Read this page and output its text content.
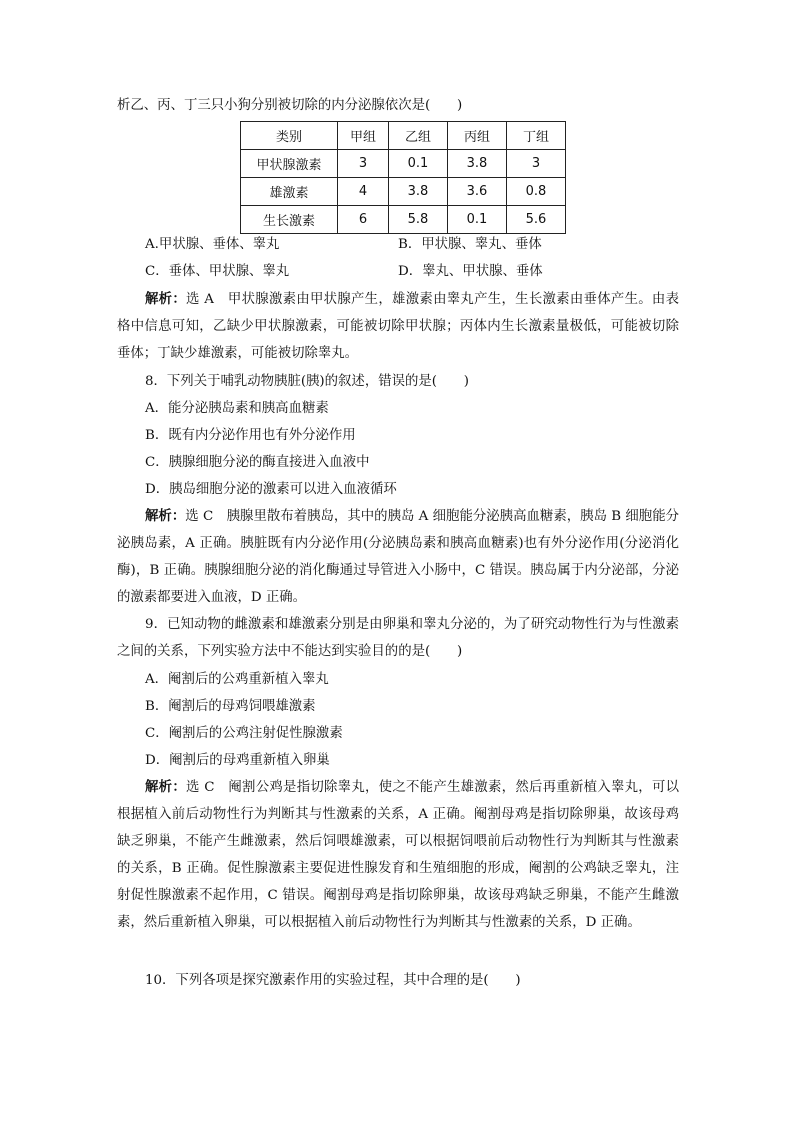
析乙、丙、丁三只小狗分别被切除的内分泌腺依次是(　　)
类别	甲组	乙组	丙组	丁组
甲状腺激素	3	0.1	3.8	3
雄激素	4	3.8	3.6	0.8
生长激素	6	5.8	0.1	5.6
A.甲状腺、垂体、睾丸	B．甲状腺、睾丸、垂体
C．垂体、甲状腺、睾丸	D．睾丸、甲状腺、垂体
解析：选 A　甲状腺激素由甲状腺产生，雄激素由睾丸产生，生长激素由垂体产生。由表格中信息可知，乙缺少甲状腺激素，可能被切除甲状腺；丙体内生长激素量极低，可能被切除垂体；丁缺少雄激素，可能被切除睾丸。
8．下列关于哺乳动物胰脏(胰)的叙述，错误的是(　　)
A．能分泌胰岛素和胰高血糖素
B．既有内分泌作用也有外分泌作用
C．胰腺细胞分泌的酶直接进入血液中
D．胰岛细胞分泌的激素可以进入血液循环
解析：选 C　胰腺里散布着胰岛，其中的胰岛 A 细胞能分泌胰高血糖素，胰岛 B 细胞能分泌胰岛素，A 正确。胰脏既有内分泌作用(分泌胰岛素和胰高血糖素)也有外分泌作用(分泌消化酶)，B 正确。胰腺细胞分泌的消化酶通过导管进入小肠中，C 错误。胰岛属于内分泌部，分泌的激素都要进入血液，D 正确。
9．已知动物的雌激素和雄激素分别是由卵巢和睾丸分泌的，为了研究动物性行为与性激素之间的关系，下列实验方法中不能达到实验目的的是(　　)
A．阉割后的公鸡重新植入睾丸
B．阉割后的母鸡饲喂雄激素
C．阉割后的公鸡注射促性腺激素
D．阉割后的母鸡重新植入卵巢
解析：选 C　阉割公鸡是指切除睾丸，使之不能产生雄激素，然后再重新植入睾丸，可以根据植入前后动物性行为判断其与性激素的关系，A 正确。阉割母鸡是指切除卵巢，故该母鸡缺乏卵巢，不能产生雌激素，然后饲喂雄激素，可以根据饲喂前后动物性行为判断其与性激素的关系，B 正确。促性腺激素主要促进性腺发育和生殖细胞的形成，阉割的公鸡缺乏睾丸，注射促性腺激素不起作用，C 错误。阉割母鸡是指切除卵巢，故该母鸡缺乏卵巢，不能产生雌激素，然后重新植入卵巢，可以根据植入前后动物性行为判断其与性激素的关系，D 正确。
10．下列各项是探究激素作用的实验过程，其中合理的是(　　)
